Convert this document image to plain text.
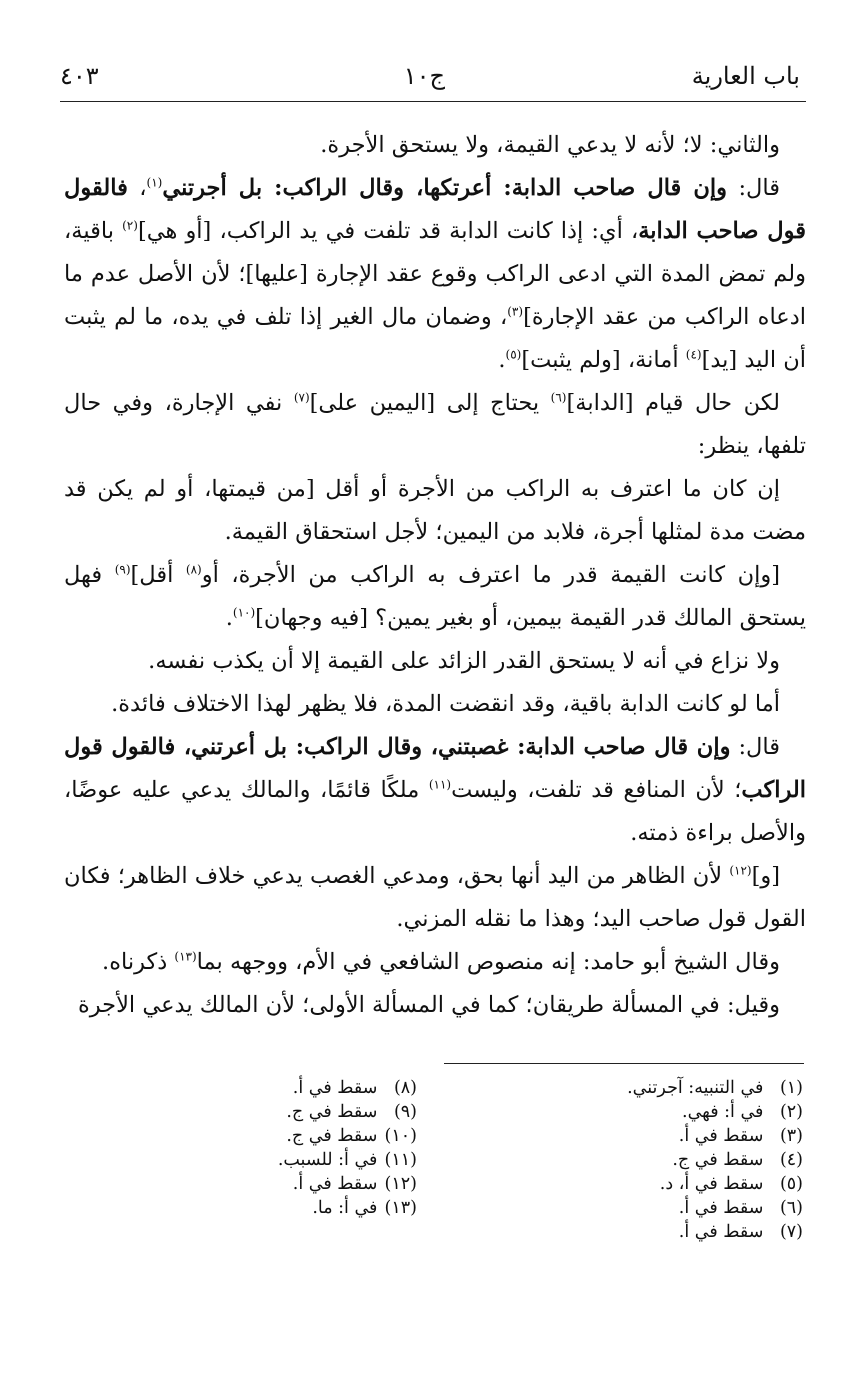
باب العارية
ج١٠
٤٠٣

والثاني: لا؛ لأنه لا يدعي القيمة، ولا يستحق الأجرة.

قال: وإن قال صاحب الدابة: أعرتكها، وقال الراكب: بل أجرتني$^{(١)}$، فالقول قول صاحب الدابة، أي: إذا كانت الدابة قد تلفت في يد الراكب، [أو هي]$^{(٢)}$ باقية، ولم تمض المدة التي ادعى الراكب وقوع عقد الإجارة [عليها]؛ لأن الأصل عدم ما ادعاه الراكب من عقد الإجارة]$^{(٣)}$، وضمان مال الغير إذا تلف في يده، ما لم يثبت أن اليد [يد]$^{(٤)}$ أمانة، [ولم يثبت]$^{(٥)}$.

لكن حال قيام [الدابة]$^{(٦)}$ يحتاج إلى [اليمين على]$^{(٧)}$ نفي الإجارة، وفي حال تلفها، ينظر:

إن كان ما اعترف به الراكب من الأجرة أو أقل [من قيمتها، أو لم يكن قد مضت مدة لمثلها أجرة، فلابد من اليمين؛ لأجل استحقاق القيمة.

[وإن كانت القيمة قدر ما اعترف به الراكب من الأجرة، أو$^{(٨)}$ أقل]$^{(٩)}$ فهل يستحق المالك قدر القيمة بيمين، أو بغير يمين؟ [فيه وجهان]$^{(١٠)}$.

ولا نزاع في أنه لا يستحق القدر الزائد على القيمة إلا أن يكذب نفسه.

أما لو كانت الدابة باقية، وقد انقضت المدة، فلا يظهر لهذا الاختلاف فائدة.

قال: وإن قال صاحب الدابة: غصبتني، وقال الراكب: بل أعرتني، فالقول قول الراكب؛ لأن المنافع قد تلفت، وليست$^{(١١)}$ ملكًا قائمًا، والمالك يدعي عليه عوضًا، والأصل براءة ذمته.

[و]$^{(١٢)}$ لأن الظاهر من اليد أنها بحق، ومدعي الغصب يدعي خلاف الظاهر؛ فكان القول قول صاحب اليد؛ وهذا ما نقله المزني.

وقال الشيخ أبو حامد: إنه منصوص الشافعي في الأم، ووجهه بما$^{(١٣)}$ ذكرناه.

وقيل: في المسألة طريقان؛ كما في المسألة الأولى؛ لأن المالك يدعي الأجرة

(١) في التنبيه: آجرتني.
(٢) في أ: فهي.
(٣) سقط في أ.
(٤) سقط في ج.
(٥) سقط في أ، د.
(٦) سقط في أ.
(٧) سقط في أ.
(٨) سقط في أ.
(٩) سقط في ج.
(١٠) سقط في ج.
(١١) في أ: للسبب.
(١٢) سقط في أ.
(١٣) في أ: ما.
